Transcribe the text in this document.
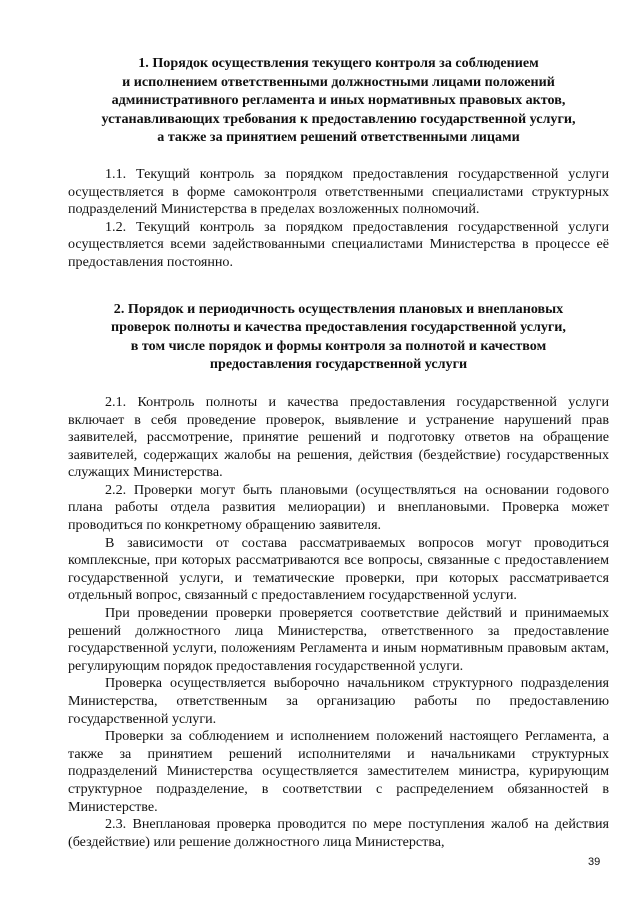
1. Порядок осуществления текущего контроля за соблюдением
и исполнением ответственными должностными лицами положений
административного регламента и иных нормативных правовых актов,
устанавливающих требования к предоставлению государственной услуги,
а также за принятием решений ответственными лицами

1.1. Текущий контроль за порядком предоставления государственной услуги осуществляется в форме самоконтроля ответственными специалистами структурных подразделений Министерства в пределах возложенных полномочий.

1.2. Текущий контроль за порядком предоставления государственной услуги осуществляется всеми задействованными специалистами Министерства в процессе её предоставления постоянно.

2. Порядок и периодичность осуществления плановых и внеплановых
проверок полноты и качества предоставления государственной услуги,
в том числе порядок и формы контроля за полнотой и качеством
предоставления государственной услуги

2.1. Контроль полноты и качества предоставления государственной услуги включает в себя проведение проверок, выявление и устранение нарушений прав заявителей, рассмотрение, принятие решений и подготовку ответов на обращение заявителей, содержащих жалобы на решения, действия (бездействие) государственных служащих Министерства.

2.2. Проверки могут быть плановыми (осуществляться на основании годового плана работы отдела развития мелиорации) и внеплановыми. Проверка может проводиться по конкретному обращению заявителя.

В зависимости от состава рассматриваемых вопросов могут проводиться комплексные, при которых рассматриваются все вопросы, связанные с предоставлением государственной услуги, и тематические проверки, при которых рассматривается отдельный вопрос, связанный с предоставлением государственной услуги.

При проведении проверки проверяется соответствие действий и принимаемых решений должностного лица Министерства, ответственного за предоставление государственной услуги, положениям Регламента и иным нормативным правовым актам, регулирующим порядок предоставления государственной услуги.

Проверка осуществляется выборочно начальником структурного подразделения Министерства, ответственным за организацию работы по предоставлению государственной услуги.

Проверки за соблюдением и исполнением положений настоящего Регламента, а также за принятием решений исполнителями и начальниками структурных подразделений Министерства осуществляется заместителем министра, курирующим структурное подразделение, в соответствии с распределением обязанностей в Министерстве.

2.3. Внеплановая проверка проводится по мере поступления жалоб на действия (бездействие) или решение должностного лица Министерства,

39
